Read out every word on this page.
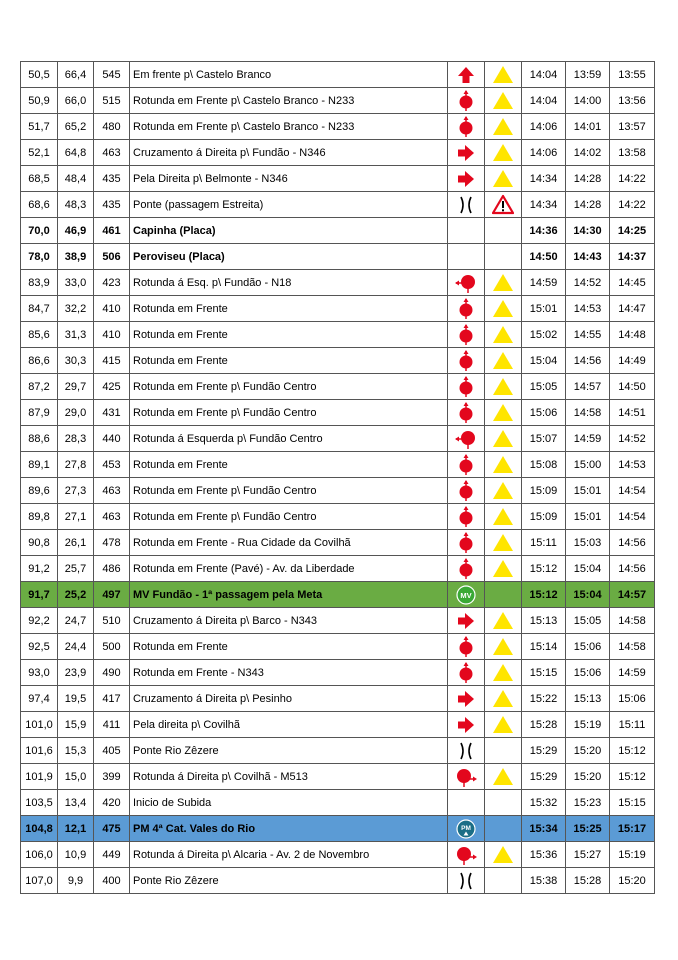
50,5	66,4	545	Em frente p\ Castelo Branco			14:04	13:59	13:55
50,9	66,0	515	Rotunda em Frente p\ Castelo Branco - N233			14:04	14:00	13:56
51,7	65,2	480	Rotunda em Frente p\ Castelo Branco - N233			14:06	14:01	13:57
52,1	64,8	463	Cruzamento á Direita p\ Fundão - N346			14:06	14:02	13:58
68,5	48,4	435	Pela Direita p\ Belmonte - N346			14:34	14:28	14:22
68,6	48,3	435	Ponte (passagem Estreita)			14:34	14:28	14:22
70,0	46,9	461	Capinha (Placa)			14:36	14:30	14:25
78,0	38,9	506	Peroviseu (Placa)			14:50	14:43	14:37
83,9	33,0	423	Rotunda á Esq. p\ Fundão - N18			14:59	14:52	14:45
84,7	32,2	410	Rotunda em Frente			15:01	14:53	14:47
85,6	31,3	410	Rotunda em Frente			15:02	14:55	14:48
86,6	30,3	415	Rotunda em Frente			15:04	14:56	14:49
87,2	29,7	425	Rotunda em Frente p\ Fundão Centro			15:05	14:57	14:50
87,9	29,0	431	Rotunda em Frente p\ Fundão Centro			15:06	14:58	14:51
88,6	28,3	440	Rotunda á Esquerda p\ Fundão Centro			15:07	14:59	14:52
89,1	27,8	453	Rotunda em Frente			15:08	15:00	14:53
89,6	27,3	463	Rotunda em Frente p\ Fundão Centro			15:09	15:01	14:54
89,8	27,1	463	Rotunda em Frente p\ Fundão Centro			15:09	15:01	14:54
90,8	26,1	478	Rotunda em Frente - Rua Cidade da Covilhã			15:11	15:03	14:56
91,2	25,7	486	Rotunda em Frente (Pavé) - Av. da Liberdade			15:12	15:04	14:56
91,7	25,2	497	MV Fundão - 1ª passagem pela Meta	MV		15:12	15:04	14:57
92,2	24,7	510	Cruzamento á Direita p\ Barco - N343			15:13	15:05	14:58
92,5	24,4	500	Rotunda em Frente			15:14	15:06	14:58
93,0	23,9	490	Rotunda em Frente - N343			15:15	15:06	14:59
97,4	19,5	417	Cruzamento á Direita p\ Pesinho			15:22	15:13	15:06
101,0	15,9	411	Pela direita p\ Covilhã			15:28	15:19	15:11
101,6	15,3	405	Ponte Rio Zêzere			15:29	15:20	15:12
101,9	15,0	399	Rotunda á Direita p\ Covilhã - M513			15:29	15:20	15:12
103,5	13,4	420	Inicio de Subida			15:32	15:23	15:15
104,8	12,1	475	PM 4ª Cat. Vales do Rio	PM		15:34	15:25	15:17
106,0	10,9	449	Rotunda á Direita p\ Alcaria - Av. 2 de Novembro			15:36	15:27	15:19
107,0	9,9	400	Ponte Rio Zêzere			15:38	15:28	15:20
